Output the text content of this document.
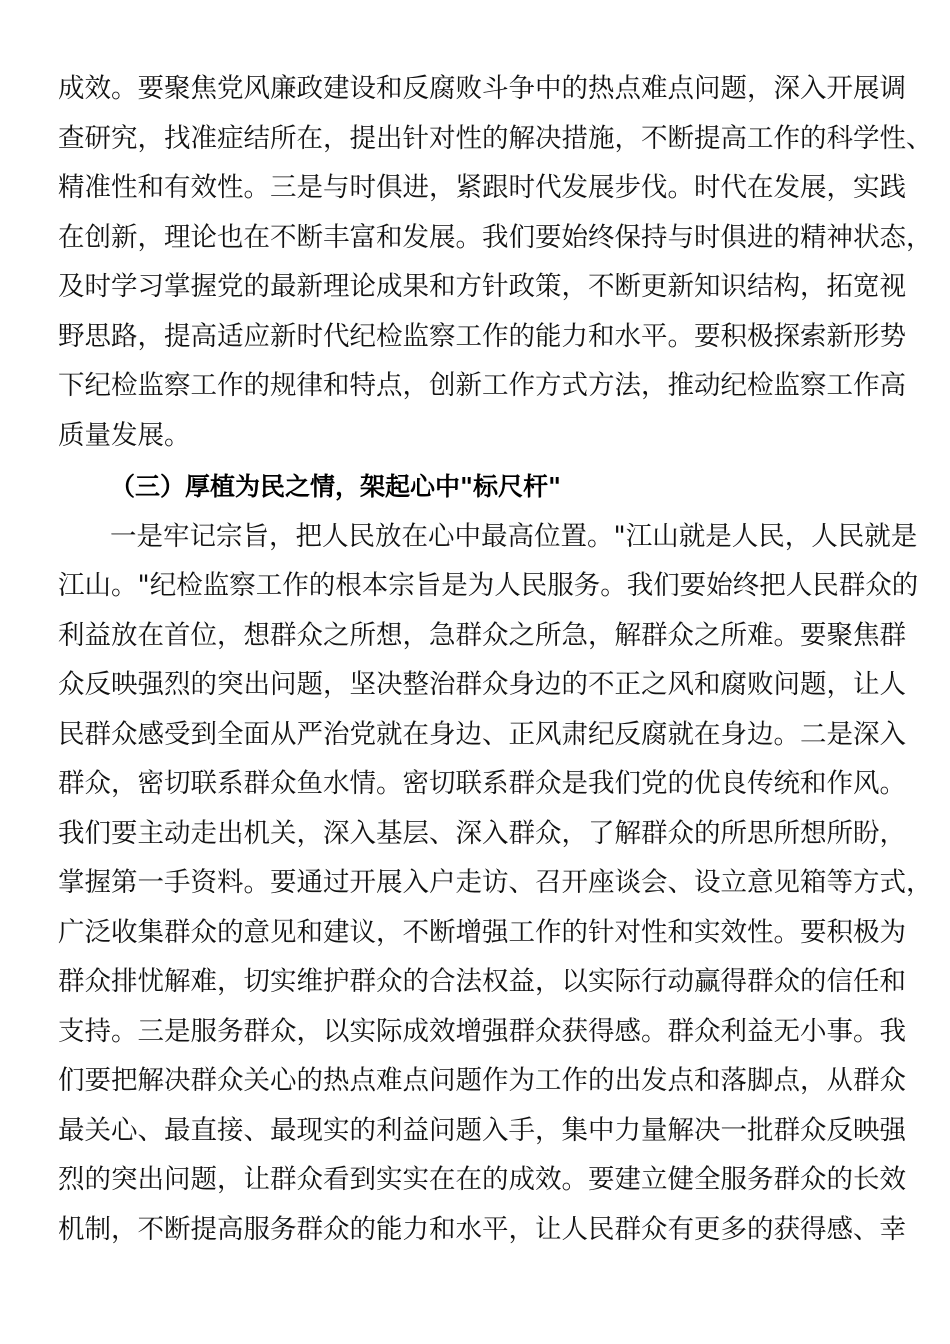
成效。要聚焦党风廉政建设和反腐败斗争中的热点难点问题，深入开展调
查研究，找准症结所在，提出针对性的解决措施，不断提高工作的科学性、
精准性和有效性。三是与时俱进，紧跟时代发展步伐。时代在发展，实践
在创新，理论也在不断丰富和发展。我们要始终保持与时俱进的精神状态，
及时学习掌握党的最新理论成果和方针政策，不断更新知识结构，拓宽视
野思路，提高适应新时代纪检监察工作的能力和水平。要积极探索新形势
下纪检监察工作的规律和特点，创新工作方式方法，推动纪检监察工作高
质量发展。
（三）厚植为民之情，架起心中"标尺杆"
一是牢记宗旨，把人民放在心中最高位置。"江山就是人民，人民就是
江山。"纪检监察工作的根本宗旨是为人民服务。我们要始终把人民群众的
利益放在首位，想群众之所想，急群众之所急，解群众之所难。要聚焦群
众反映强烈的突出问题，坚决整治群众身边的不正之风和腐败问题，让人
民群众感受到全面从严治党就在身边、正风肃纪反腐就在身边。二是深入
群众，密切联系群众鱼水情。密切联系群众是我们党的优良传统和作风。
我们要主动走出机关，深入基层、深入群众，了解群众的所思所想所盼，
掌握第一手资料。要通过开展入户走访、召开座谈会、设立意见箱等方式，
广泛收集群众的意见和建议，不断增强工作的针对性和实效性。要积极为
群众排忧解难，切实维护群众的合法权益，以实际行动赢得群众的信任和
支持。三是服务群众，以实际成效增强群众获得感。群众利益无小事。我
们要把解决群众关心的热点难点问题作为工作的出发点和落脚点，从群众
最关心、最直接、最现实的利益问题入手，集中力量解决一批群众反映强
烈的突出问题，让群众看到实实在在的成效。要建立健全服务群众的长效
机制，不断提高服务群众的能力和水平，让人民群众有更多的获得感、幸
